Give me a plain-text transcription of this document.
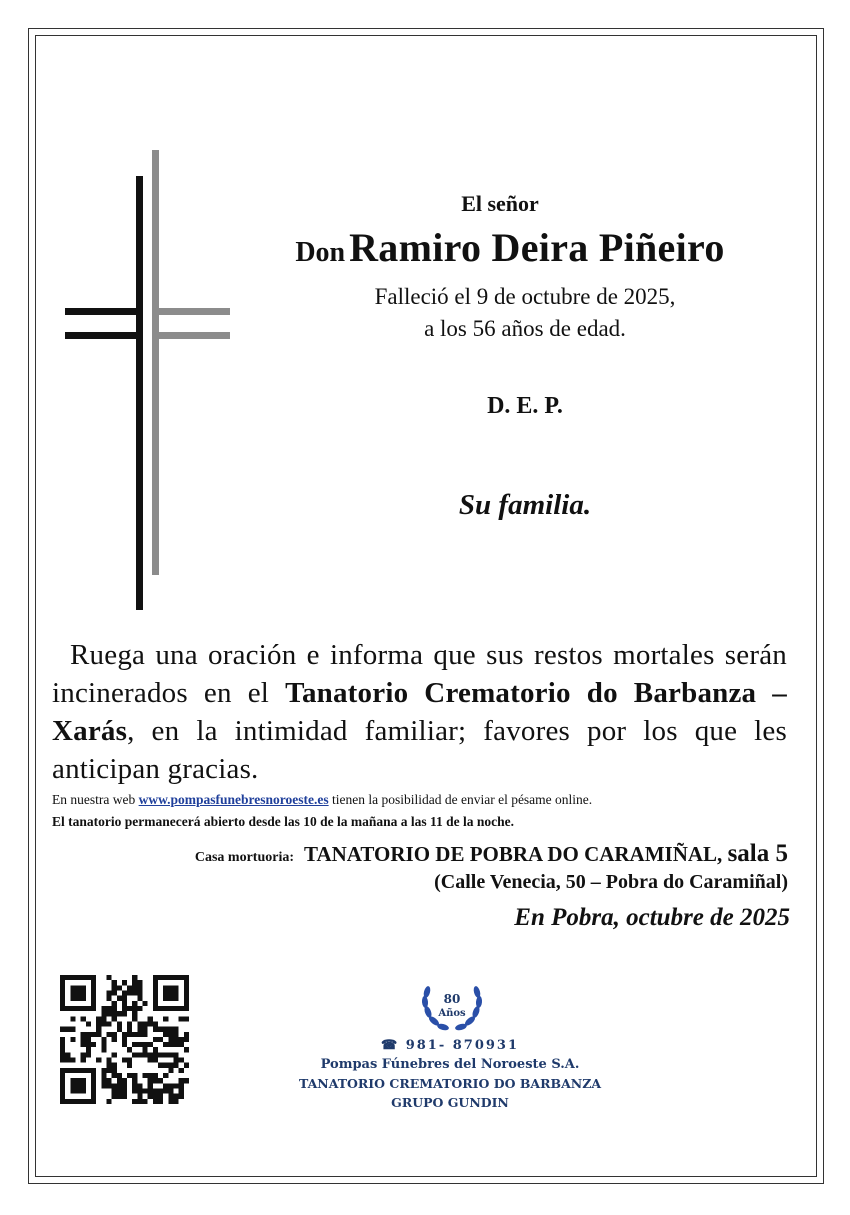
El señor
Don Ramiro Deira Piñeiro
Falleció el 9 de octubre de 2025,
a los 56 años de edad.
D. E. P.
Su familia.
Ruega una oración e informa que sus restos mortales serán incinerados en el Tanatorio Crematorio do Barbanza – Xarás, en la intimidad familiar; favores por los que les anticipan gracias.
En nuestra web www.pompasfunebresnoroeste.es tienen la posibilidad de enviar el pésame online.
El tanatorio permanecerá abierto desde las 10 de la mañana a las 11 de la noche.
Casa mortuoria: TANATORIO DE POBRA DO CARAMIÑAL, sala 5
(Calle Venecia, 50 – Pobra do Caramiñal)
En Pobra, octubre de 2025
80
Años
☎ 981- 870931
Pompas Fúnebres del Noroeste S.A.
TANATORIO CREMATORIO DO BARBANZA
GRUPO GUNDIN
